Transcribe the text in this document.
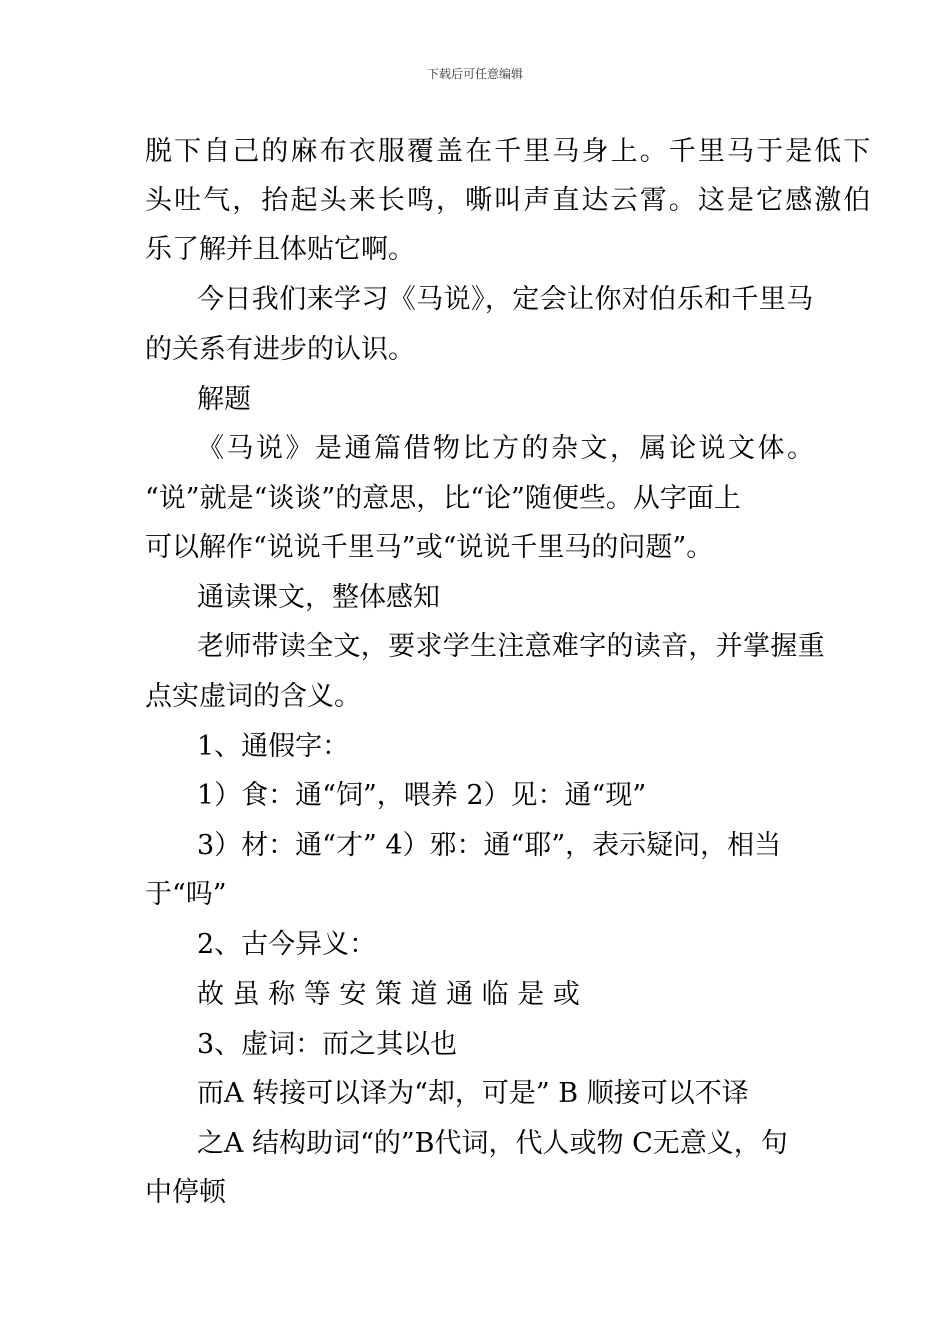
下载后可任意编辑
脱下自己的麻布衣服覆盖在千里马身上。千里马于是低下
头吐气，抬起头来长鸣，嘶叫声直达云霄。这是它感激伯
乐了解并且体贴它啊。
今日我们来学习《马说》，定会让你对伯乐和千里马
的关系有进步的认识。
解题
《马说》是通篇借物比方的杂文，属论说文体。
“说”就是“谈谈”的意思，比“论”随便些。从字面上
可以解作“说说千里马”或“说说千里马的问题”。
通读课文，整体感知
老师带读全文，要求学生注意难字的读音，并掌握重
点实虚词的含义。
1、通假字：
1）食：通“饲”，喂养 2）见：通“现”
3）材：通“才” 4）邪：通“耶”，表示疑问，相当
于“吗”
2、古今异义：
故 虽 称 等 安 策 道 通 临 是 或
3、虚词：而之其以也
而A 转接可以译为“却，可是” B 顺接可以不译
之A 结构助词“的”B代词，代人或物 C无意义，句
中停顿
